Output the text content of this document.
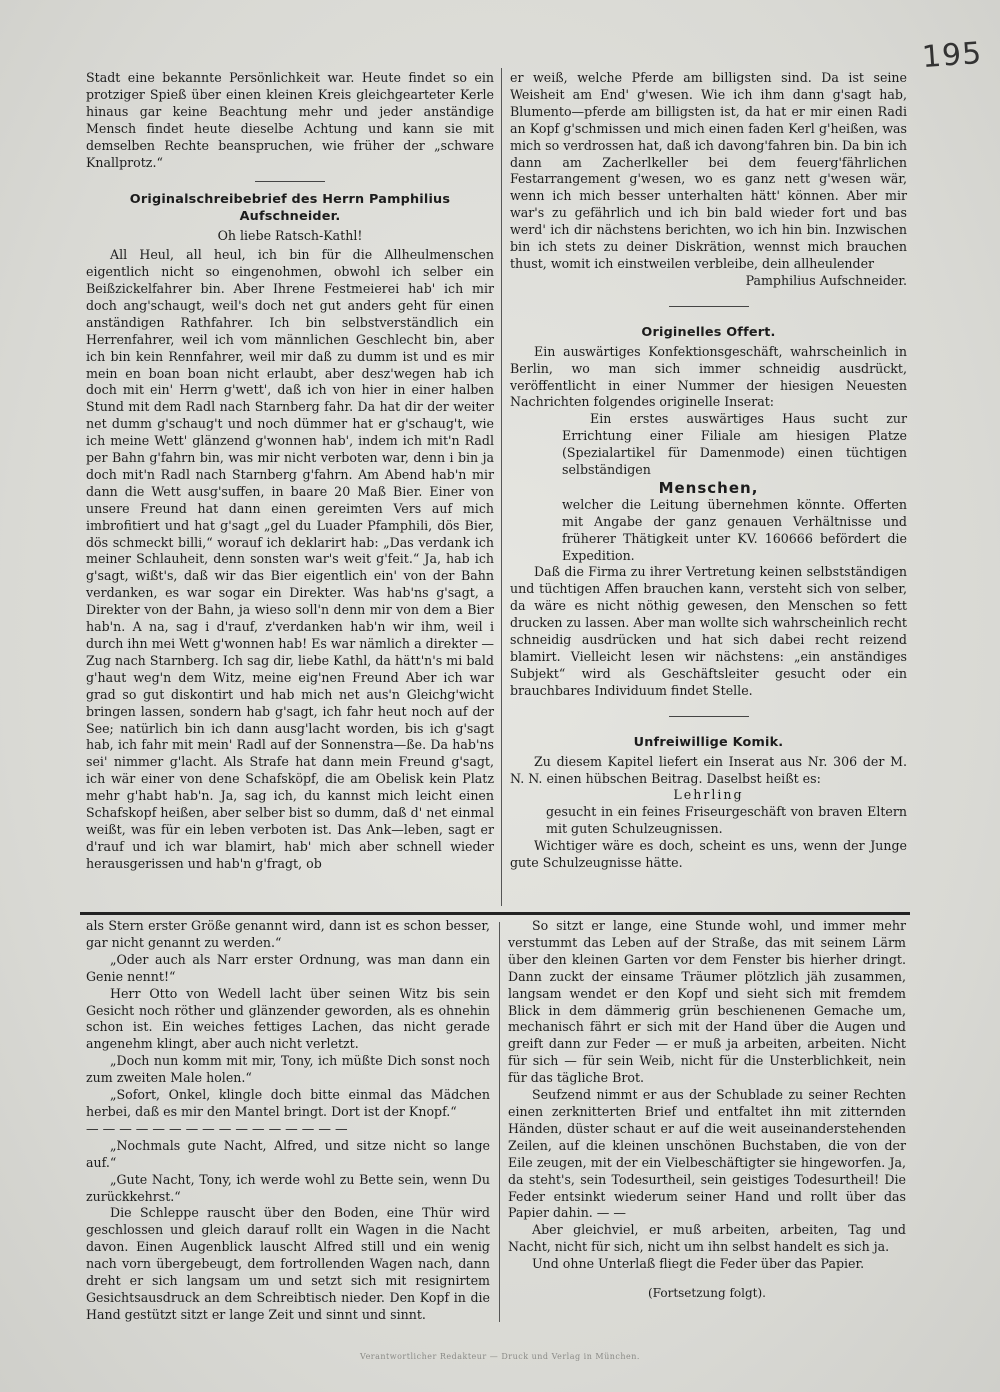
195

Stadt eine bekannte Persönlichkeit war. Heute findet so ein protziger Spieß über einen kleinen Kreis gleichgearteter Kerle hinaus gar keine Beachtung mehr und jeder anständige Mensch findet heute dieselbe Achtung und kann sie mit demselben Rechte beanspruchen, wie früher der „schware Knallprotz.“

Originalschreibebrief des Herrn Pamphilius Aufschneider.

Oh liebe Ratsch-Kathl!

All Heul, all heul, ich bin für die Allheulmenschen eigentlich nicht so eingenohmen, obwohl ich selber ein Beißzickelfahrer bin. Aber Ihrene Festmeierei hab' ich mir doch ang'schaugt, weil's doch net gut anders geht für einen anständigen Rathfahrer. Ich bin selbstverständlich ein Herrenfahrer, weil ich vom männlichen Geschlecht bin, aber ich bin kein Rennfahrer, weil mir daß zu dumm ist und es mir mein en boan boan nicht erlaubt, aber desz'wegen hab ich doch mit ein' Herrn g'wett', daß ich von hier in einer halben Stund mit dem Radl nach Starnberg fahr. Da hat dir der weiter net dumm g'schaug't und noch dümmer hat er g'schaug't, wie ich meine Wett' glänzend g'wonnen hab', indem ich mit'n Radl per Bahn g'fahrn bin, was mir nicht verboten war, denn i bin ja doch mit'n Radl nach Starnberg g'fahrn. Am Abend hab'n mir dann die Wett ausg'suffen, in baare 20 Maß Bier. Einer von unsere Freund hat dann einen gereimten Vers auf mich imbrofitiert und hat g'sagt „gel du Luader Pfamphili, dös Bier, dös schmeckt billi,“ worauf ich deklarirt hab: „Das verdank ich meiner Schlauheit, denn sonsten war's weit g'feit.“ Ja, hab ich g'sagt, wißt's, daß wir das Bier eigentlich ein' von der Bahn verdanken, es war sogar ein Direkter. Was hab'ns g'sagt, a Direkter von der Bahn, ja wieso soll'n denn mir von dem a Bier hab'n. A na, sag i d'rauf, z'verdanken hab'n wir ihm, weil i durch ihn mei Wett g'wonnen hab! Es war nämlich a direkter — Zug nach Starnberg. Ich sag dir, liebe Kathl, da hätt'n's mi bald g'haut weg'n dem Witz, meine eig'nen Freund Aber ich war grad so gut diskontirt und hab mich net aus'n Gleichg'wicht bringen lassen, sondern hab g'sagt, ich fahr heut noch auf der See; natürlich bin ich dann ausg'lacht worden, bis ich g'sagt hab, ich fahr mit mein' Radl auf der Sonnenstra—ße. Da hab'ns sei' nimmer g'lacht. Als Strafe hat dann mein Freund g'sagt, ich wär einer von dene Schafsköpf, die am Obelisk kein Platz mehr g'habt hab'n. Ja, sag ich, du kannst mich leicht einen Schafskopf heißen, aber selber bist so dumm, daß d' net einmal weißt, was für ein leben verboten ist. Das Ank—leben, sagt er d'rauf und ich war blamirt, hab' mich aber schnell wieder herausgerissen und hab'n g'fragt, ob

er weiß, welche Pferde am billigsten sind. Da ist seine Weisheit am End' g'wesen. Wie ich ihm dann g'sagt hab, Blumento—pferde am billigsten ist, da hat er mir einen Radi an Kopf g'schmissen und mich einen faden Kerl g'heißen, was mich so verdrossen hat, daß ich davong'fahren bin. Da bin ich dann am Zacherlkeller bei dem feuerg'fährlichen Festarrangement g'wesen, wo es ganz nett g'wesen wär, wenn ich mich besser unterhalten hätt' können. Aber mir war's zu gefährlich und ich bin bald wieder fort und bas werd' ich dir nächstens berichten, wo ich hin bin. Inzwischen bin ich stets zu deiner Diskrätion, wennst mich brauchen thust, womit ich einstweilen verbleibe, dein allheulender

Pamphilius Aufschneider.
Originelles Offert.

Ein auswärtiges Konfektionsgeschäft, wahrscheinlich in Berlin, wo man sich immer schneidig ausdrückt, veröffentlicht in einer Nummer der hiesigen Neuesten Nachrichten folgendes originelle Inserat:

Ein erstes auswärtiges Haus sucht zur Errichtung einer Filiale am hiesigen Platze (Spezialartikel für Damenmode) einen tüchtigen selbständigen

Menschen,

welcher die Leitung übernehmen könnte. Offerten mit Angabe der ganz genauen Verhältnisse und früherer Thätigkeit unter KV. 160666 befördert die Expedition.

Daß die Firma zu ihrer Vertretung keinen selbstständigen und tüchtigen Affen brauchen kann, versteht sich von selber, da wäre es nicht nöthig gewesen, den Menschen so fett drucken zu lassen. Aber man wollte sich wahrscheinlich recht schneidig ausdrücken und hat sich dabei recht reizend blamirt. Vielleicht lesen wir nächstens: „ein anständiges Subjekt“ wird als Geschäftsleiter gesucht oder ein brauchbares Individuum findet Stelle.

Unfreiwillige Komik.

Zu diesem Kapitel liefert ein Inserat aus Nr. 306 der M. N. N. einen hübschen Beitrag. Daselbst heißt es:

Lehrling

gesucht in ein feines Friseurgeschäft von braven Eltern mit guten Schulzeugnissen.

Wichtiger wäre es doch, scheint es uns, wenn der Junge gute Schulzeugnisse hätte.

als Stern erster Größe genannt wird, dann ist es schon besser, gar nicht genannt zu werden.“

„Oder auch als Narr erster Ordnung, was man dann ein Genie nennt!“

Herr Otto von Wedell lacht über seinen Witz bis sein Gesicht noch röther und glänzender geworden, als es ohnehin schon ist. Ein weiches fettiges Lachen, das nicht gerade angenehm klingt, aber auch nicht verletzt.

„Doch nun komm mit mir, Tony, ich müßte Dich sonst noch zum zweiten Male holen.“

„Sofort, Onkel, klingle doch bitte einmal das Mädchen herbei, daß es mir den Mantel bringt. Dort ist der Knopf.“

— — — — — — — — — — — — — — — —

„Nochmals gute Nacht, Alfred, und sitze nicht so lange auf.“

„Gute Nacht, Tony, ich werde wohl zu Bette sein, wenn Du zurückkehrst.“

Die Schleppe rauscht über den Boden, eine Thür wird geschlossen und gleich darauf rollt ein Wagen in die Nacht davon. Einen Augenblick lauscht Alfred still und ein wenig nach vorn übergebeugt, dem fortrollenden Wagen nach, dann dreht er sich langsam um und setzt sich mit resignirtem Gesichtsausdruck an dem Schreibtisch nieder. Den Kopf in die Hand gestützt sitzt er lange Zeit und sinnt und sinnt.

So sitzt er lange, eine Stunde wohl, und immer mehr verstummt das Leben auf der Straße, das mit seinem Lärm über den kleinen Garten vor dem Fenster bis hierher dringt. Dann zuckt der einsame Träumer plötzlich jäh zusammen, langsam wendet er den Kopf und sieht sich mit fremdem Blick in dem dämmerig grün beschienenen Gemache um, mechanisch fährt er sich mit der Hand über die Augen und greift dann zur Feder — er muß ja arbeiten, arbeiten. Nicht für sich — für sein Weib, nicht für die Unsterblichkeit, nein für das tägliche Brot.

Seufzend nimmt er aus der Schublade zu seiner Rechten einen zerknitterten Brief und entfaltet ihn mit zitternden Händen, düster schaut er auf die weit auseinanderstehenden Zeilen, auf die kleinen unschönen Buchstaben, die von der Eile zeugen, mit der ein Vielbeschäftigter sie hingeworfen. Ja, da steht's, sein Todesurtheil, sein geistiges Todesurtheil! Die Feder entsinkt wiederum seiner Hand und rollt über das Papier dahin. — —

Aber gleichviel, er muß arbeiten, arbeiten, Tag und Nacht, nicht für sich, nicht um ihn selbst handelt es sich ja.

Und ohne Unterlaß fliegt die Feder über das Papier.

(Fortsetzung folgt).
Verantwortlicher Redakteur — Druck und Verlag in München.
